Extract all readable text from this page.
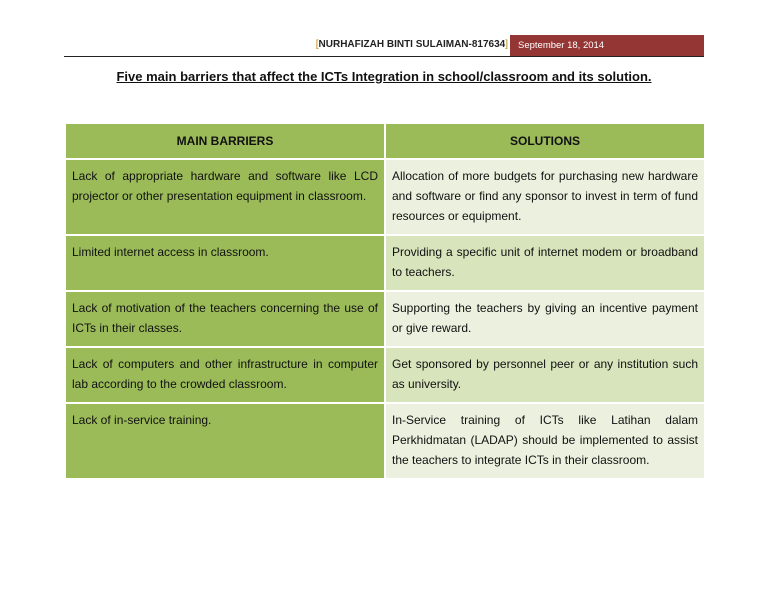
[NURHAFIZAH BINTI SULAIMAN-817634]	September 18, 2014
Five main barriers that affect the ICTs Integration in school/classroom and its solution.
MAIN BARRIERS	SOLUTIONS
Lack of appropriate hardware and software like LCD projector or other presentation equipment in classroom.	Allocation of more budgets for purchasing new hardware and software or find any sponsor to invest in term of fund resources or equipment.
Limited internet access in classroom.	Providing a specific unit of internet modem or broadband to teachers.
Lack of motivation of the teachers concerning the use of ICTs in their classes.	Supporting the teachers by giving an incentive payment or give reward.
Lack of computers and other infrastructure in computer lab according to the crowded classroom.	Get sponsored by personnel peer or any institution such as university.
Lack of in-service training.	In-Service training of ICTs like Latihan dalam Perkhidmatan (LADAP) should be implemented to assist the teachers to integrate ICTs in their classroom.
